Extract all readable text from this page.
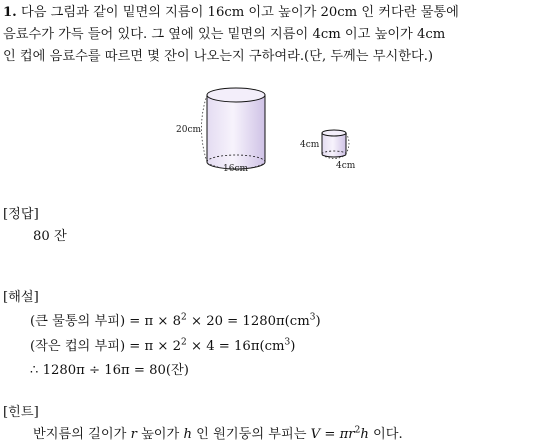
1. 다음 그림과 같이 밑면의 지름이 16cm 이고 높이가 20cm 인 커다란 물통에
음료수가 가득 들어 있다. 그 옆에 있는 밑면의 지름이 4cm 이고 높이가 4cm
인 컵에 음료수를 따르면 몇 잔이 나오는지 구하여라.(단, 두께는 무시한다.)
20cm
16cm
4cm
4cm
[정답]
80 잔
[해설]
(큰 물통의 부피) = $\pi \times 8^2 \times 20 = 1280\pi(cm^3)$
(작은 컵의 부피) = $\pi \times 2^2 \times 4 = 16\pi(cm^3)$
∴ 1280π ÷ 16π = 80(잔)
[힌트]
반지름의 길이가 r 높이가 h 인 원기둥의 부피는 $V = \pi r^2h$ 이다.
